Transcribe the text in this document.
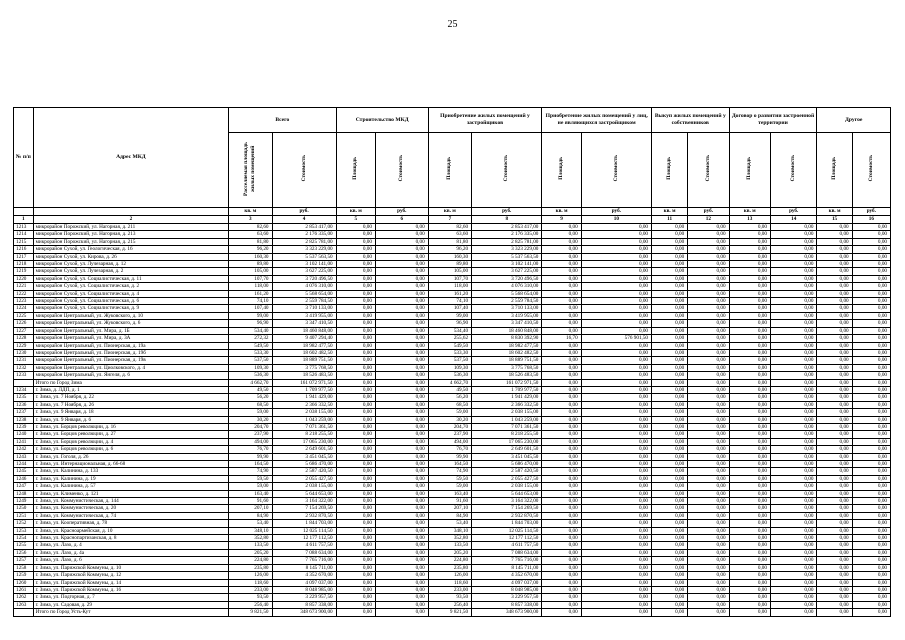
25
№ п/п	Адрес МКД	Всего		Строительство МКД		Приобретение жилых помещений у застройщиков		Приобретение жилых помещений у лиц, не являющихся застройщиком		Выкуп жилых помещений у собственников		Договор о развитии застроенной территории		Другое	
		Расселяемая площадь жилых помещений	Стоимость	Площадь	Стоимость	Площадь	Стоимость	Площадь	Стоимость	Площадь	Стоимость	Площадь	Стоимость	Площадь	Стоимость
		кв. м	руб.	кв. м	руб.	кв. м	руб.	кв. м	руб.	кв. м	руб.	кв. м	руб.	кв. м	руб.
1	2	3	4	5	6	7	8	9	10	11	12	13	14	15	16
1213	микрорайон Порожский, ул. Нагорная, д. 211	82,60	2 853 417,00	0,00	0,00	82,60	2 853 417,00	0,00	0,00	0,00	0,00	0,00	0,00	0,00	0,00
1214	микрорайон Порожский, ул. Нагорная, д. 213	63,60	2 176 335,00	0,00	0,00	63,60	2 176 335,00	0,00	0,00	0,00	0,00	0,00	0,00	0,00	0,00
1215	микрорайон Порожский, ул. Нагорная, д. 215	81,80	2 825 781,00	0,00	0,00	81,80	2 825 781,00	0,00	0,00	0,00	0,00	0,00	0,00	0,00	0,00
1216	микрорайон Сухой, ул. Геологическая, д. 16	96,20	3 323 229,00	0,00	0,00	96,20	3 323 229,00	0,00	0,00	0,00	0,00	0,00	0,00	0,00	0,00
1217	микрорайон Сухой, ул. Кирова, д. 26	160,30	5 537 563,50	0,00	0,00	160,30	5 537 563,50	0,00	0,00	0,00	0,00	0,00	0,00	0,00	0,00
1218	микрорайон Сухой, ул. Лучезарная, д. 12	89,80	3 102 141,00	0,00	0,00	89,80	3 102 141,00	0,00	0,00	0,00	0,00	0,00	0,00	0,00	0,00
1219	микрорайон Сухой, ул. Лучезарная, д. 2	105,00	3 627 225,00	0,00	0,00	105,00	3 627 225,00	0,00	0,00	0,00	0,00	0,00	0,00	0,00	0,00
1220	микрорайон Сухой, ул. Социалистическая, д. 11	107,70	3 720 496,50	0,00	0,00	107,70	3 720 496,50	0,00	0,00	0,00	0,00	0,00	0,00	0,00	0,00
1221	микрорайон Сухой, ул. Социалистическая, д. 2	118,00	4 076 310,00	0,00	0,00	118,00	4 076 310,00	0,00	0,00	0,00	0,00	0,00	0,00	0,00	0,00
1222	микрорайон Сухой, ул. Социалистическая, д. 4	161,20	5 568 654,00	0,00	0,00	161,20	5 568 654,00	0,00	0,00	0,00	0,00	0,00	0,00	0,00	0,00
1223	микрорайон Сухой, ул. Социалистическая, д. 6	74,10	2 559 784,50	0,00	0,00	74,10	2 559 784,50	0,00	0,00	0,00	0,00	0,00	0,00	0,00	0,00
1224	микрорайон Сухой, ул. Социалистическая, д. 9	107,40	3 710 133,00	0,00	0,00	107,40	3 710 133,00	0,00	0,00	0,00	0,00	0,00	0,00	0,00	0,00
1225	микрорайон Центральный, ул. Жуковского, д. 10	99,00	3 419 955,00	0,00	0,00	99,00	3 419 955,00	0,00	0,00	0,00	0,00	0,00	0,00	0,00	0,00
1226	микрорайон Центральный, ул. Жуковского, д. 6	96,90	3 347 410,50	0,00	0,00	96,90	3 347 410,50	0,00	0,00	0,00	0,00	0,00	0,00	0,00	0,00
1227	микрорайон Центральный, ул. Мира, д. 1Б	534,40	18 460 848,00	0,00	0,00	534,40	18 460 848,00	0,00	0,00	0,00	0,00	0,00	0,00	0,00	0,00
1228	микрорайон Центральный, ул. Мира, д. 3А	272,32	9 407 294,40	0,00	0,00	255,62	8 830 392,90	16,70	576 901,50	0,00	0,00	0,00	0,00	0,00	0,00
1229	микрорайон Центральный, ул. Пионерская, д. 19а	549,50	18 982 477,50	0,00	0,00	549,50	18 982 477,50	0,00	0,00	0,00	0,00	0,00	0,00	0,00	0,00
1230	микрорайон Центральный, ул. Пионерская, д. 19б	533,30	18 602 482,50	0,00	0,00	533,30	18 602 482,50	0,00	0,00	0,00	0,00	0,00	0,00	0,00	0,00
1231	микрорайон Центральный, ул. Пионерская, д. 19в	537,50	18 889 751,50	0,00	0,00	537,50	18 889 751,50	0,00	0,00	0,00	0,00	0,00	0,00	0,00	0,00
1232	микрорайон Центральный, ул. Циолковского, д. 4	109,30	3 775 768,50	0,00	0,00	109,30	3 775 768,50	0,00	0,00	0,00	0,00	0,00	0,00	0,00	0,00
1233	микрорайон Центральный, ул. Янгеля, д. 6	536,30	18 526 483,50	0,00	0,00	536,30	18 526 483,50	0,00	0,00	0,00	0,00	0,00	0,00	0,00	0,00
	Итого по Город Зима	4 662,70	161 072 971,50	0,00	0,00	4 662,70	161 072 971,50	0,00	0,00	0,00	0,00	0,00	0,00	0,00	0,00
1234	г. Зима, д. ЛДП, д. 1	49,50	1 709 977,50	0,00	0,00	49,50	1 709 977,50	0,00	0,00	0,00	0,00	0,00	0,00	0,00	0,00
1235	г. Зима, ул. 7 Ноября, д. 22	56,20	1 941 429,00	0,00	0,00	56,20	1 941 429,00	0,00	0,00	0,00	0,00	0,00	0,00	0,00	0,00
1236	г. Зима, ул. 7 Ноября, д. 26	68,50	2 366 332,50	0,00	0,00	68,50	2 366 332,50	0,00	0,00	0,00	0,00	0,00	0,00	0,00	0,00
1237	г. Зима, ул. 9 Января, д. 18	59,00	2 038 155,00	0,00	0,00	59,00	2 038 155,00	0,00	0,00	0,00	0,00	0,00	0,00	0,00	0,00
1238	г. Зима, ул. 9 Января, д. 6	30,20	1 043 259,00	0,00	0,00	30,20	1 043 259,00	0,00	0,00	0,00	0,00	0,00	0,00	0,00	0,00
1239	г. Зима, ул. Борцов революции, д. 16	204,70	7 071 361,50	0,00	0,00	204,70	7 071 361,50	0,00	0,00	0,00	0,00	0,00	0,00	0,00	0,00
1240	г. Зима, ул. Борцов революции, д. 27	237,90	8 218 255,50	0,00	0,00	237,90	8 218 255,50	0,00	0,00	0,00	0,00	0,00	0,00	0,00	0,00
1241	г. Зима, ул. Борцов революции, д. 4	494,00	17 065 230,00	0,00	0,00	494,00	17 065 230,00	0,00	0,00	0,00	0,00	0,00	0,00	0,00	0,00
1242	г. Зима, ул. Борцов революции, д. 6	76,70	2 649 601,50	0,00	0,00	76,70	2 649 601,50	0,00	0,00	0,00	0,00	0,00	0,00	0,00	0,00
1243	г. Зима, ул. Гоголя, д. 26	99,90	3 451 045,50	0,00	0,00	99,90	3 451 045,50	0,00	0,00	0,00	0,00	0,00	0,00	0,00	0,00
1244	г. Зима, ул. Интернациональная, д. 66-68	164,50	5 686 470,00	0,00	0,00	164,50	5 686 470,00	0,00	0,00	0,00	0,00	0,00	0,00	0,00	0,00
1245	г. Зима, ул. Калинина, д. 133	74,90	2 587 420,50	0,00	0,00	74,90	2 587 420,50	0,00	0,00	0,00	0,00	0,00	0,00	0,00	0,00
1246	г. Зима, ул. Калинина, д. 19	59,50	2 055 427,50	0,00	0,00	59,50	2 055 427,50	0,00	0,00	0,00	0,00	0,00	0,00	0,00	0,00
1247	г. Зима, ул. Калинина, д. 57	59,00	2 038 155,00	0,00	0,00	59,00	2 038 155,00	0,00	0,00	0,00	0,00	0,00	0,00	0,00	0,00
1248	г. Зима, ул. Клименко, д. 121	163,40	5 644 653,00	0,00	0,00	163,40	5 644 653,00	0,00	0,00	0,00	0,00	0,00	0,00	0,00	0,00
1249	г. Зима, ул. Коммунистическая, д. 144	91,60	3 164 322,00	0,00	0,00	91,60	3 164 322,00	0,00	0,00	0,00	0,00	0,00	0,00	0,00	0,00
1250	г. Зима, ул. Коммунистическая, д. 20	207,10	7 154 269,50	0,00	0,00	207,10	7 154 269,50	0,00	0,00	0,00	0,00	0,00	0,00	0,00	0,00
1251	г. Зима, ул. Коммунистическая, д. 74	84,90	2 932 870,50	0,00	0,00	84,90	2 932 870,50	0,00	0,00	0,00	0,00	0,00	0,00	0,00	0,00
1252	г. Зима, ул. Кооперативная, д. 78	53,40	1 844 703,00	0,00	0,00	53,40	1 844 703,00	0,00	0,00	0,00	0,00	0,00	0,00	0,00	0,00
1253	г. Зима, ул. Красноармейская, д. 10	348,10	12 025 114,50	0,00	0,00	348,10	12 025 114,50	0,00	0,00	0,00	0,00	0,00	0,00	0,00	0,00
1254	г. Зима, ул. Краснопартизанская, д. 8	352,80	12 177 112,50	0,00	0,00	352,80	12 177 112,50	0,00	0,00	0,00	0,00	0,00	0,00	0,00	0,00
1255	г. Зима, ул. Лазо, д. 4	133,50	4 611 757,50	0,00	0,00	133,50	4 611 757,50	0,00	0,00	0,00	0,00	0,00	0,00	0,00	0,00
1256	г. Зима, ул. Лазо, д. 4а	205,20	7 088 634,00	0,00	0,00	205,20	7 088 634,00	0,00	0,00	0,00	0,00	0,00	0,00	0,00	0,00
1257	г. Зима, ул. Лазо, д. 6	224,80	7 765 716,00	0,00	0,00	224,80	7 765 716,00	0,00	0,00	0,00	0,00	0,00	0,00	0,00	0,00
1258	г. Зима, ул. Парижской Коммуны, д. 10	235,80	8 145 711,00	0,00	0,00	235,80	8 145 711,00	0,00	0,00	0,00	0,00	0,00	0,00	0,00	0,00
1259	г. Зима, ул. Парижской Коммуны, д. 12	126,00	4 352 670,00	0,00	0,00	126,00	4 352 670,00	0,00	0,00	0,00	0,00	0,00	0,00	0,00	0,00
1260	г. Зима, ул. Парижской Коммуны, д. 14	118,60	4 097 037,00	0,00	0,00	118,60	4 097 037,00	0,00	0,00	0,00	0,00	0,00	0,00	0,00	0,00
1261	г. Зима, ул. Парижской Коммуны, д. 16	233,00	8 048 985,00	0,00	0,00	233,00	8 048 985,00	0,00	0,00	0,00	0,00	0,00	0,00	0,00	0,00
1262	г. Зима, ул. Подгорная, д. 7	93,50	3 229 957,50	0,00	0,00	93,50	3 229 957,50	0,00	0,00	0,00	0,00	0,00	0,00	0,00	0,00
1263	г. Зима, ул. Садовая, д. 29	256,40	8 857 338,00	0,00	0,00	256,40	8 857 338,00	0,00	0,00	0,00	0,00	0,00	0,00	0,00	0,00
	Итого по Город Усть-Кут	9 821,50	348 673 900,00	0,00	0,00	9 821,50	348 673 900,00	0,00	0,00	0,00	0,00	0,00	0,00	0,00	0,00
